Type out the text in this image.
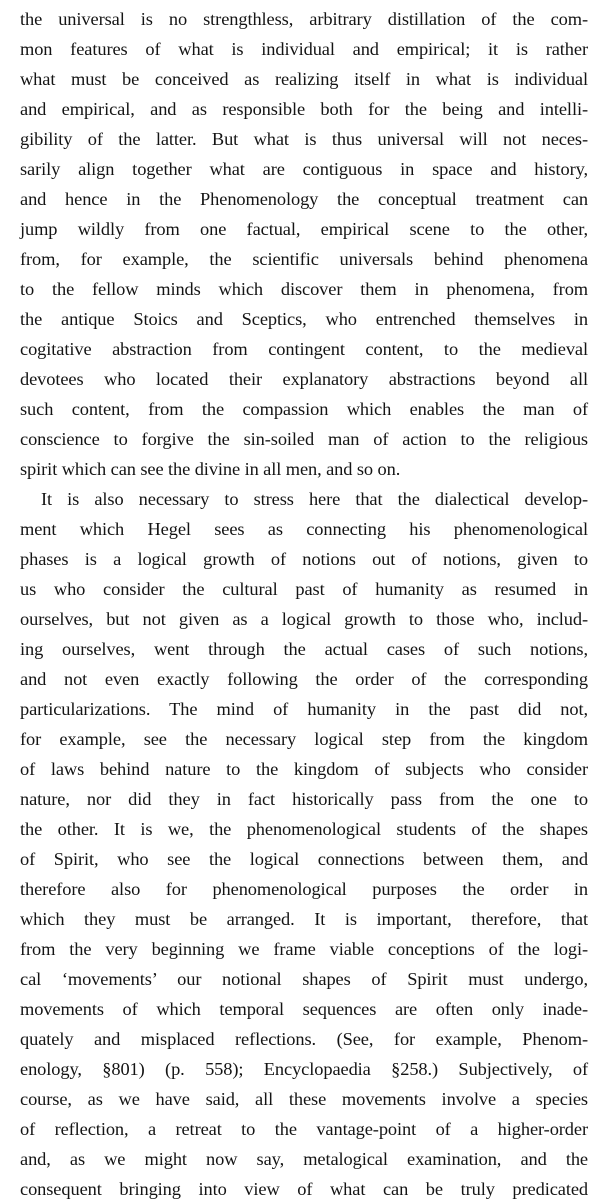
the universal is no strengthless, arbitrary distillation of the com-
mon features of what is individual and empirical; it is rather
what must be conceived as realizing itself in what is individual
and empirical, and as responsible both for the being and intelli-
gibility of the latter. But what is thus universal will not neces-
sarily align together what are contiguous in space and history,
and hence in the Phenomenology the conceptual treatment can
jump wildly from one factual, empirical scene to the other,
from, for example, the scientific universals behind phenomena
to the fellow minds which discover them in phenomena, from
the antique Stoics and Sceptics, who entrenched themselves in
cogitative abstraction from contingent content, to the medieval
devotees who located their explanatory abstractions beyond all
such content, from the compassion which enables the man of
conscience to forgive the sin-soiled man of action to the religious
spirit which can see the divine in all men, and so on.
It is also necessary to stress here that the dialectical develop-
ment which Hegel sees as connecting his phenomenological
phases is a logical growth of notions out of notions, given to
us who consider the cultural past of humanity as resumed in
ourselves, but not given as a logical growth to those who, includ-
ing ourselves, went through the actual cases of such notions,
and not even exactly following the order of the corresponding
particularizations. The mind of humanity in the past did not,
for example, see the necessary logical step from the kingdom
of laws behind nature to the kingdom of subjects who consider
nature, nor did they in fact historically pass from the one to
the other. It is we, the phenomenological students of the shapes
of Spirit, who see the logical connections between them, and
therefore also for phenomenological purposes the order in
which they must be arranged. It is important, therefore, that
from the very beginning we frame viable conceptions of the logi-
cal ‘movements’ our notional shapes of Spirit must undergo,
movements of which temporal sequences are often only inade-
quately and misplaced reflections. (See, for example, Phenom-
enology, §801) (p. 558); Encyclopaedia §258.) Subjectively, of
course, as we have said, all these movements involve a species
of reflection, a retreat to the vantage-point of a higher-order
and, as we might now say, metalogical examination, and the
consequent bringing into view of what can be truly predicated
